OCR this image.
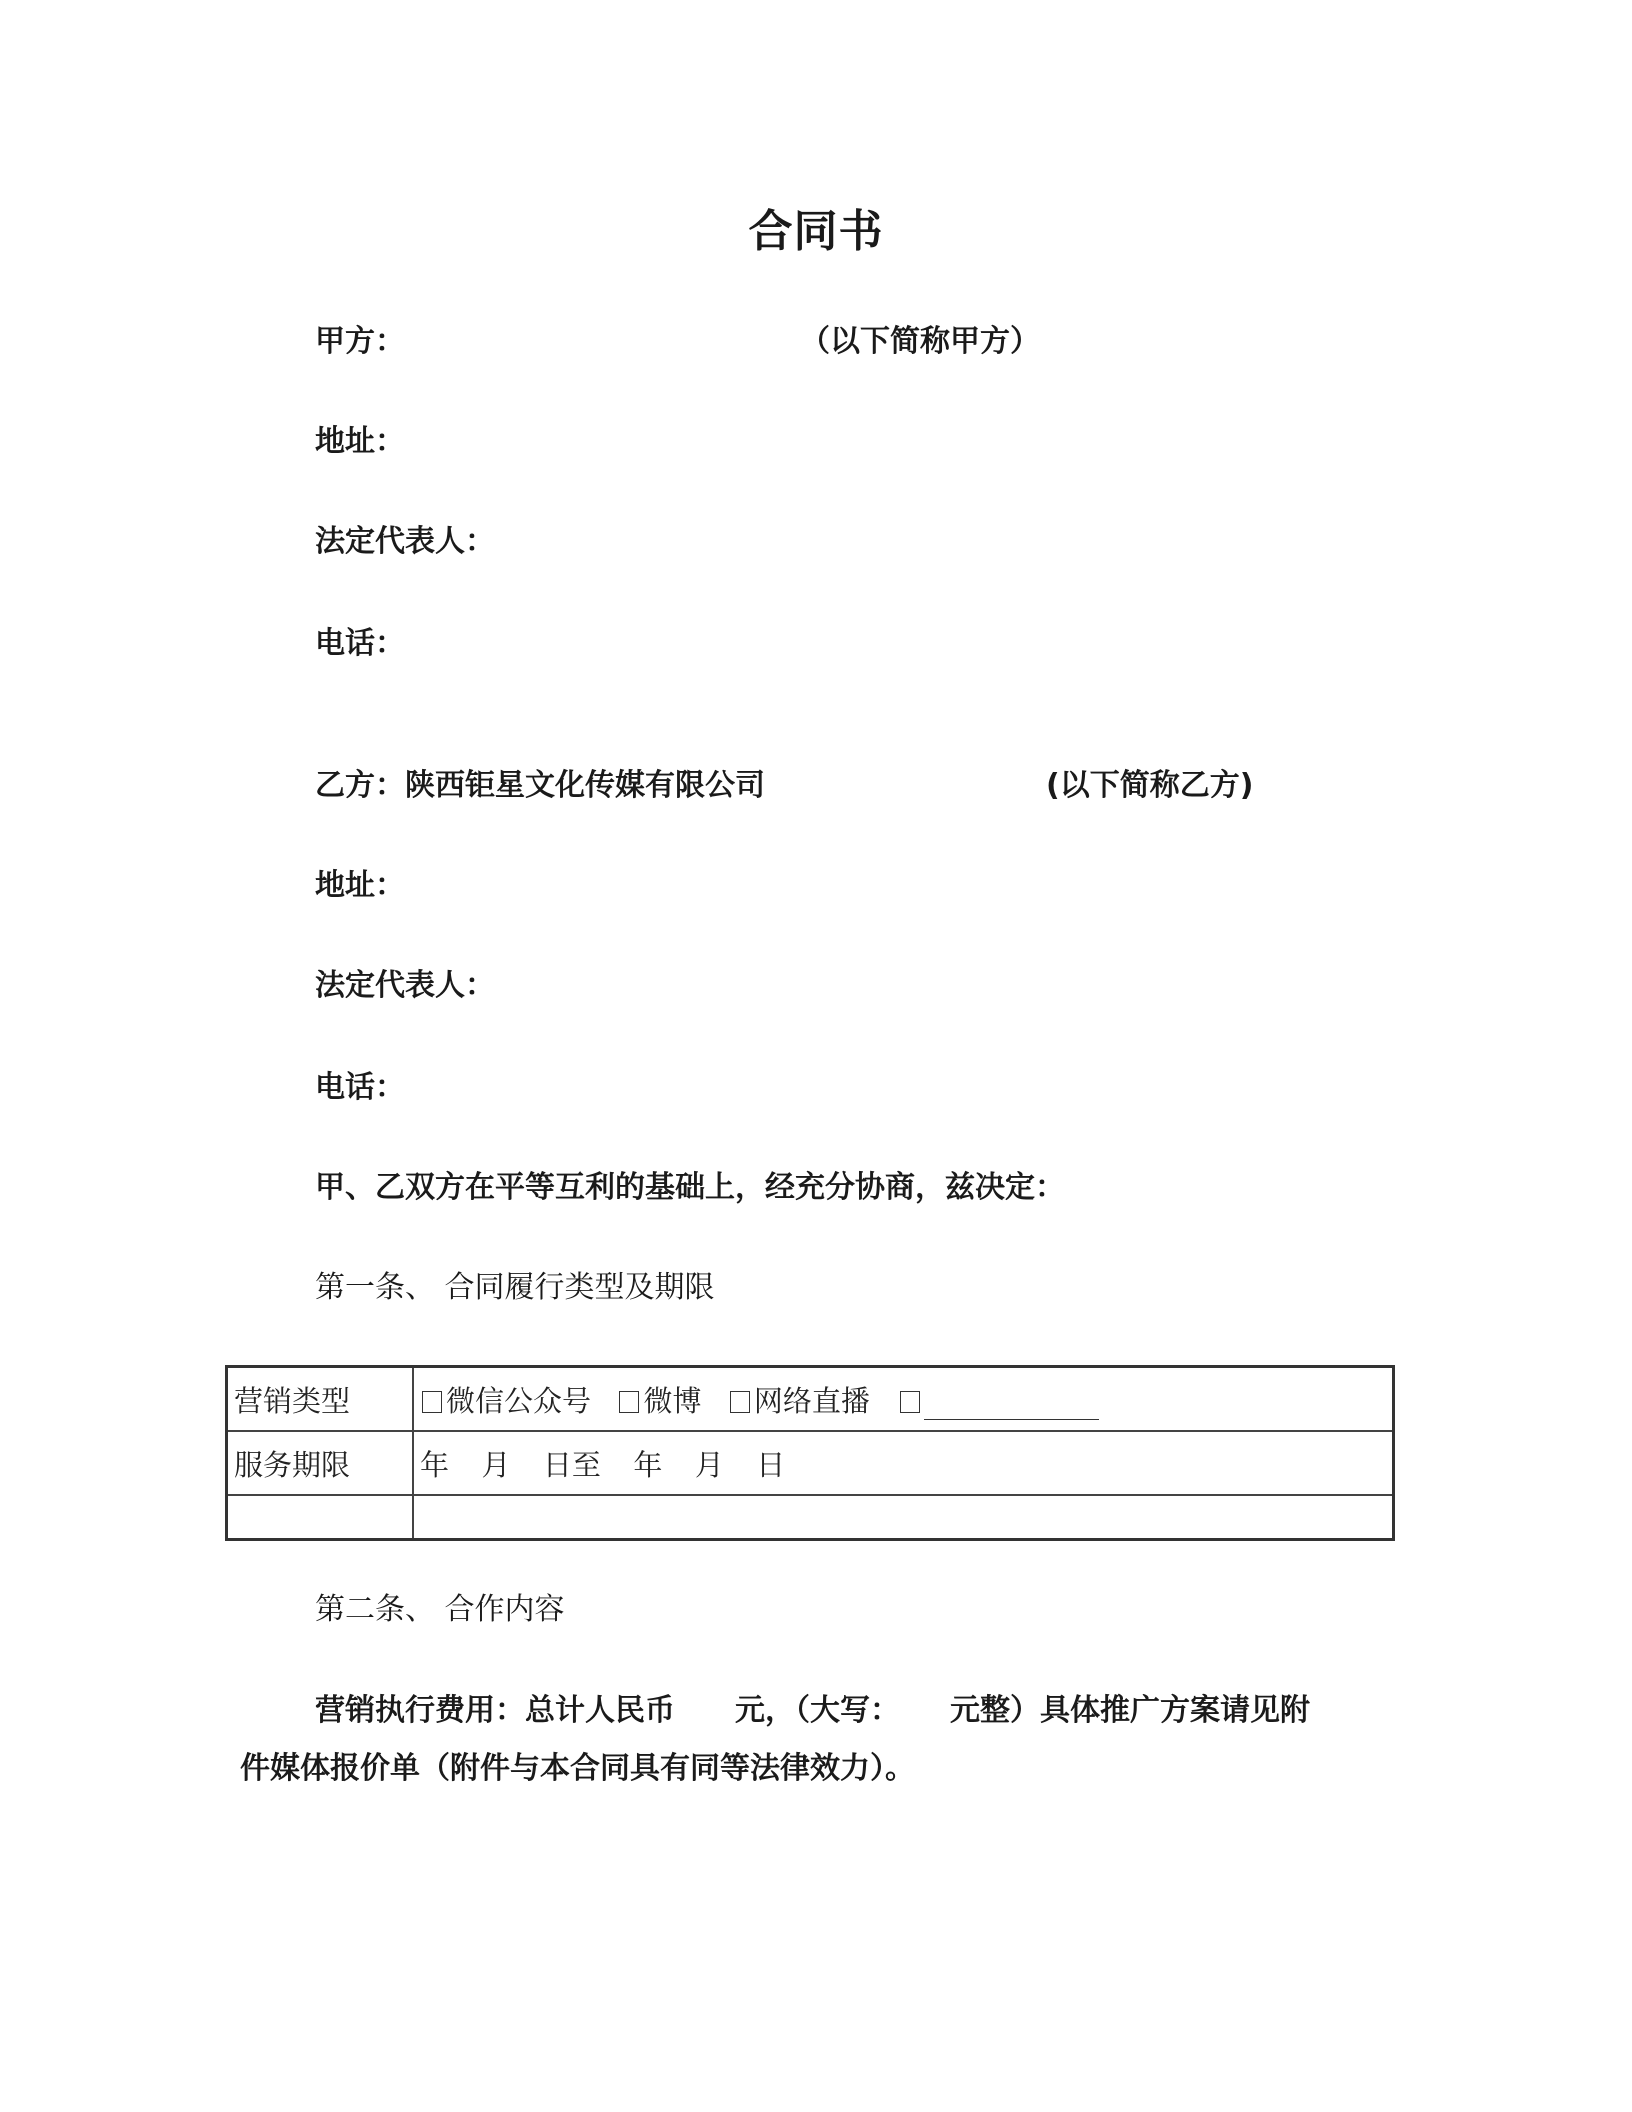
合同书
甲方：	（以下简称甲方）
地址：
法定代表人：
电话：
乙方：陕西钜星文化传媒有限公司	(以下简称乙方)
地址：
法定代表人：
电话：
甲、乙双方在平等互利的基础上，经充分协商，兹决定：
第一条、 合同履行类型及期限
营销类型	微信公众号 微博 网络直播
服务期限	年 月 日至 年 月 日

第二条、 合作内容
营销执行费用：总计人民币 元，（大写： 元整）具体推广方案请见附
件媒体报价单（附件与本合同具有同等法律效力）。
